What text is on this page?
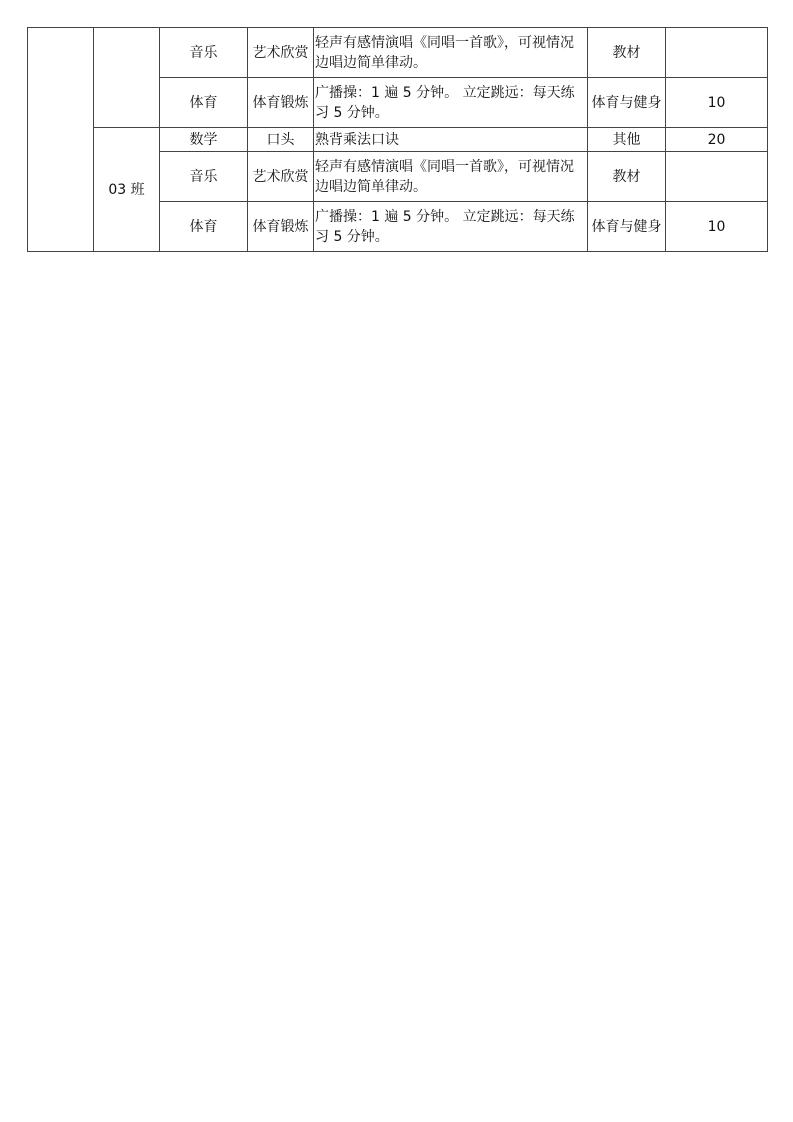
		音乐	艺术欣赏	轻声有感情演唱《同唱一首歌》，可视情况边唱边简单律动。	教材	
		体育	体育锻炼	广播操：1 遍 5 分钟。 立定跳远：每天练习 5 分钟。	体育与健身	10
	03 班	数学	口头	熟背乘法口诀	其他	20
		音乐	艺术欣赏	轻声有感情演唱《同唱一首歌》，可视情况边唱边简单律动。	教材	
		体育	体育锻炼	广播操：1 遍 5 分钟。 立定跳远：每天练习 5 分钟。	体育与健身	10
